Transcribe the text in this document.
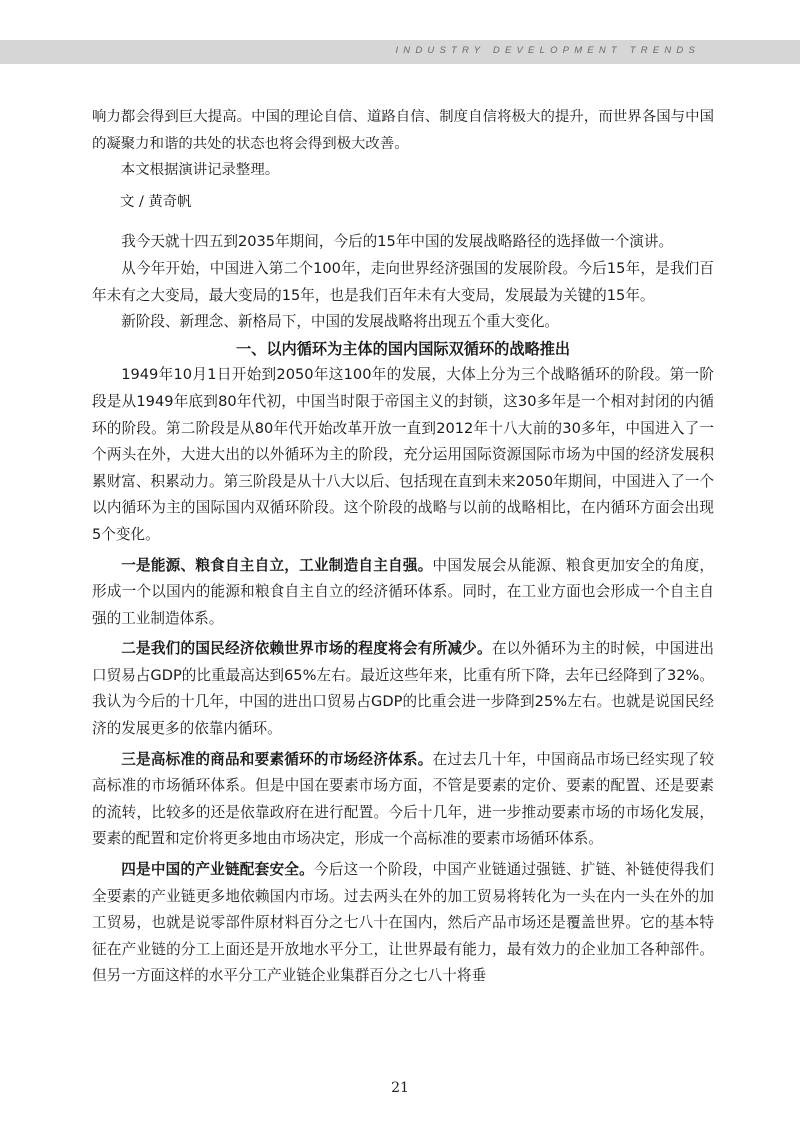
INDUSTRY DEVELOPMENT TRENDS

响力都会得到巨大提高。中国的理论自信、道路自信、制度自信将极大的提升，而世界各国与中国的凝聚力和谐的共处的状态也将会得到极大改善。

本文根据演讲记录整理。

文 / 黄奇帆

我今天就十四五到2035年期间，今后的15年中国的发展战略路径的选择做一个演讲。

从今年开始，中国进入第二个100年，走向世界经济强国的发展阶段。今后15年，是我们百年未有之大变局，最大变局的15年，也是我们百年未有大变局，发展最为关键的15年。

新阶段、新理念、新格局下，中国的发展战略将出现五个重大变化。

一、以内循环为主体的国内国际双循环的战略推出

1949年10月1日开始到2050年这100年的发展，大体上分为三个战略循环的阶段。第一阶段是从1949年底到80年代初，中国当时限于帝国主义的封锁，这30多年是一个相对封闭的内循环的阶段。第二阶段是从80年代开始改革开放一直到2012年十八大前的30多年，中国进入了一个两头在外，大进大出的以外循环为主的阶段，充分运用国际资源国际市场为中国的经济发展积累财富、积累动力。第三阶段是从十八大以后、包括现在直到未来2050年期间，中国进入了一个以内循环为主的国际国内双循环阶段。这个阶段的战略与以前的战略相比，在内循环方面会出现5个变化。

一是能源、粮食自主自立，工业制造自主自强。中国发展会从能源、粮食更加安全的角度，形成一个以国内的能源和粮食自主自立的经济循环体系。同时，在工业方面也会形成一个自主自强的工业制造体系。

二是我们的国民经济依赖世界市场的程度将会有所减少。在以外循环为主的时候，中国进出口贸易占GDP的比重最高达到65%左右。最近这些年来，比重有所下降，去年已经降到了32%。我认为今后的十几年，中国的进出口贸易占GDP的比重会进一步降到25%左右。也就是说国民经济的发展更多的依靠内循环。

三是高标准的商品和要素循环的市场经济体系。在过去几十年，中国商品市场已经实现了较高标准的市场循环体系。但是中国在要素市场方面，不管是要素的定价、要素的配置、还是要素的流转，比较多的还是依靠政府在进行配置。今后十几年，进一步推动要素市场的市场化发展，要素的配置和定价将更多地由市场决定，形成一个高标准的要素市场循环体系。

四是中国的产业链配套安全。今后这一个阶段，中国产业链通过强链、扩链、补链使得我们全要素的产业链更多地依赖国内市场。过去两头在外的加工贸易将转化为一头在内一头在外的加工贸易，也就是说零部件原材料百分之七八十在国内，然后产品市场还是覆盖世界。它的基本特征在产业链的分工上面还是开放地水平分工，让世界最有能力，最有效力的企业加工各种部件。但另一方面这样的水平分工产业链企业集群百分之七八十将垂

21
